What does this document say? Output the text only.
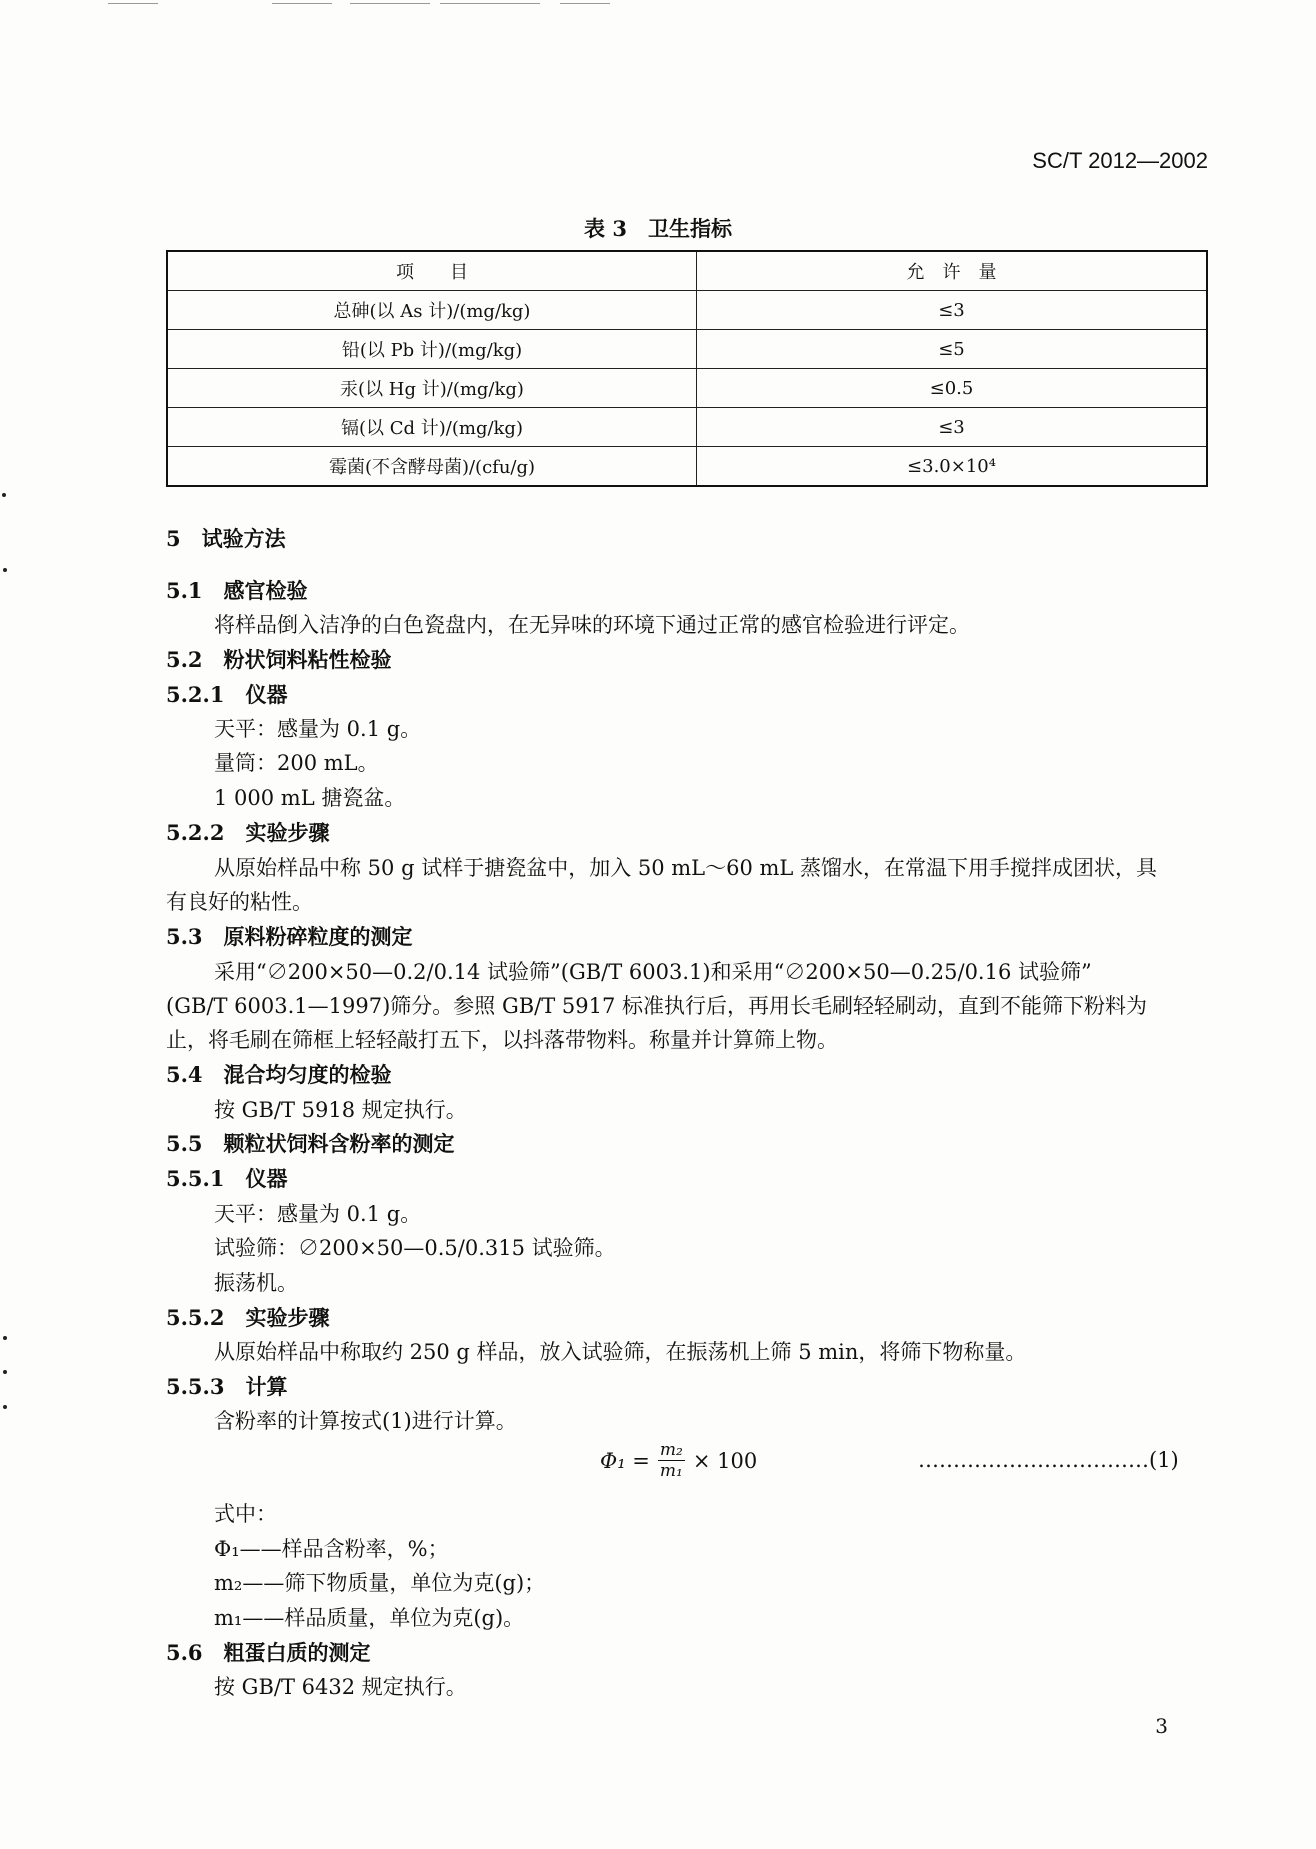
SC/T 2012—2002
表 3　卫生指标
项　　目	允　许　量
总砷(以 As 计)/(mg/kg)	≤3
铅(以 Pb 计)/(mg/kg)	≤5
汞(以 Hg 计)/(mg/kg)	≤0.5
镉(以 Cd 计)/(mg/kg)	≤3
霉菌(不含酵母菌)/(cfu/g)	≤3.0×10⁴
5　试验方法
5.1　感官检验
将样品倒入洁净的白色瓷盘内，在无异味的环境下通过正常的感官检验进行评定。
5.2　粉状饲料粘性检验
5.2.1　仪器
天平：感量为 0.1 g。
量筒：200 mL。
1 000 mL 搪瓷盆。
5.2.2　实验步骤
从原始样品中称 50 g 试样于搪瓷盆中，加入 50 mL～60 mL 蒸馏水，在常温下用手搅拌成团状，具
有良好的粘性。
5.3　原料粉碎粒度的测定
采用“∅200×50—0.2/0.14 试验筛”(GB/T 6003.1)和采用“∅200×50—0.25/0.16 试验筛”
(GB/T 6003.1—1997)筛分。参照 GB/T 5917 标准执行后，再用长毛刷轻轻刷动，直到不能筛下粉料为
止，将毛刷在筛框上轻轻敲打五下，以抖落带物料。称量并计算筛上物。
5.4　混合均匀度的检验
按 GB/T 5918 规定执行。
5.5　颗粒状饲料含粉率的测定
5.5.1　仪器
天平：感量为 0.1 g。
试验筛：∅200×50—0.5/0.315 试验筛。
振荡机。
5.5.2　实验步骤
从原始样品中称取约 250 g 样品，放入试验筛，在振荡机上筛 5 min，将筛下物称量。
5.5.3　计算
含粉率的计算按式(1)进行计算。
$\Phi_1 = \frac{\text{m₂}}{\text{m₁}} \times 100$	……………………………(1)
式中：
Φ₁——样品含粉率，%；
m₂——筛下物质量，单位为克(g)；
m₁——样品质量，单位为克(g)。
5.6　粗蛋白质的测定
按 GB/T 6432 规定执行。
3
